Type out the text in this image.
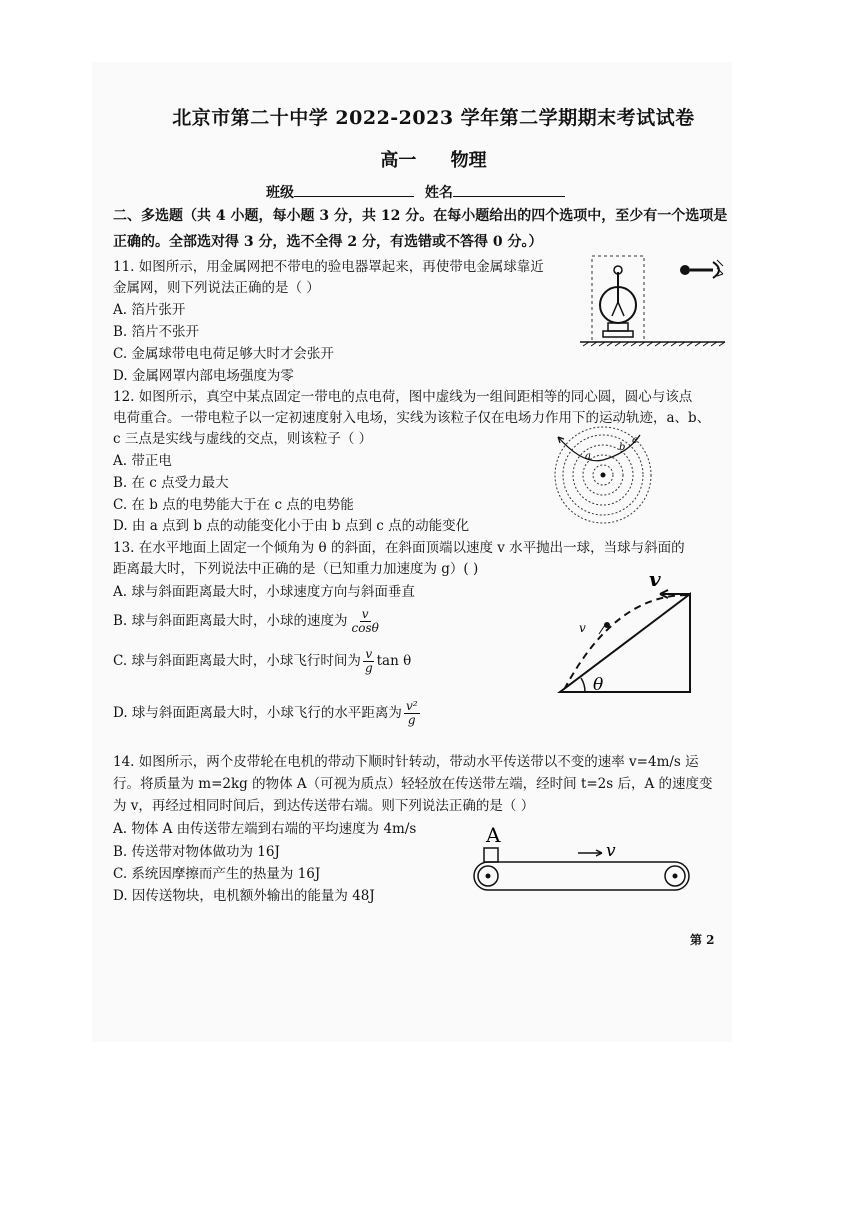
北京市第二十中学 2022-2023 学年第二学期期末考试试卷
高一 物理
班级	姓名
二、多选题（共 4 小题，每小题 3 分，共 12 分。在每小题给出的四个选项中，至少有一个选项是
正确的。全部选对得 3 分，选不全得 2 分，有选错或不答得 0 分。）
11. 如图所示，用金属网把不带电的验电器罩起来，再使带电金属球靠近
金属网，则下列说法正确的是（ ）
A. 箔片张开
B. 箔片不张开
C. 金属球带电电荷足够大时才会张开
D. 金属网罩内部电场强度为零
12. 如图所示，真空中某点固定一带电的点电荷，图中虚线为一组间距相等的同心圆，圆心与该点
电荷重合。一带电粒子以一定初速度射入电场，实线为该粒子仅在电场力作用下的运动轨迹，a、b、
c 三点是实线与虚线的交点，则该粒子（ ）
A. 带正电
B. 在 c 点受力最大
C. 在 b 点的电势能大于在 c 点的电势能
D. 由 a 点到 b 点的动能变化小于由 b 点到 c 点的动能变化
a
b
c
13. 在水平地面上固定一个倾角为 θ 的斜面，在斜面顶端以速度 v 水平抛出一球，当球与斜面的
距离最大时，下列说法中正确的是（已知重力加速度为 g）( )
A. 球与斜面距离最大时，小球速度方向与斜面垂直
B. 球与斜面距离最大时，小球的速度为 $\frac{v}{\cos\theta}$
C. 球与斜面距离最大时，小球飞行时间为 $\frac{v}{g}$ tan θ
D. 球与斜面距离最大时，小球飞行的水平距离为 $\frac{\text{v²}}{g}$
v
v
θ
14. 如图所示，两个皮带轮在电机的带动下顺时针转动，带动水平传送带以不变的速率 v=4m/s 运
行。将质量为 m=2kg 的物体 A（可视为质点）轻轻放在传送带左端，经时间 t=2s 后，A 的速度变
为 v，再经过相同时间后，到达传送带右端。则下列说法正确的是（ ）
A. 物体 A 由传送带左端到右端的平均速度为 4m/s
B. 传送带对物体做功为 16J
C. 系统因摩擦而产生的热量为 16J
D. 因传送物块，电机额外输出的能量为 48J
A
v
第 2
